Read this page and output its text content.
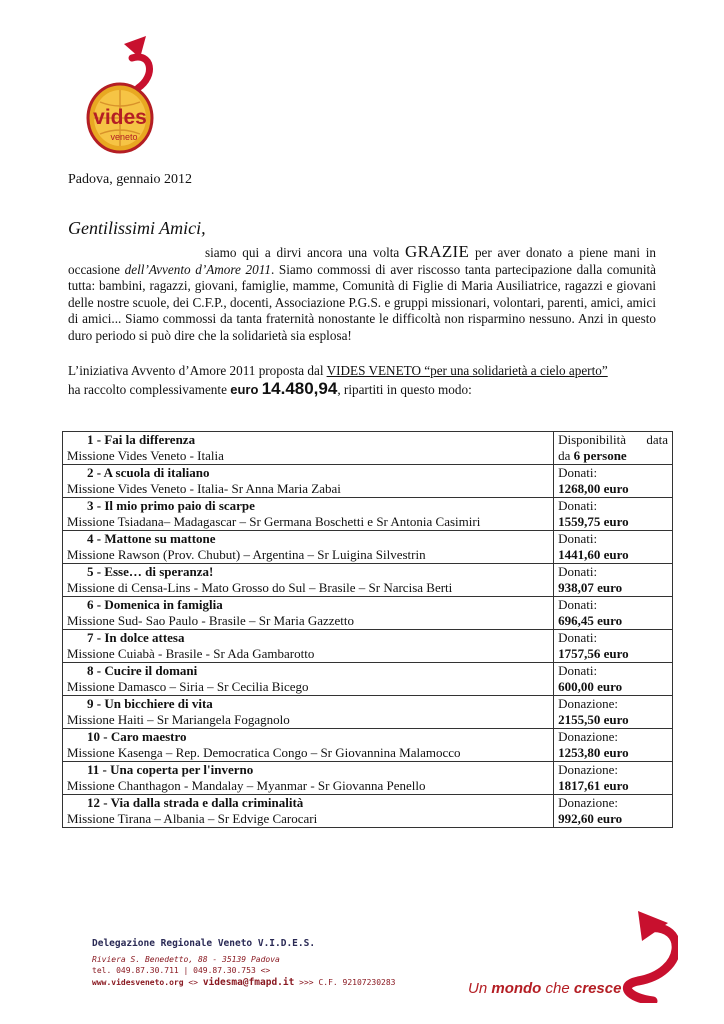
vides
veneto
Padova, gennaio 2012
Gentilissimi Amici,
siamo qui a dirvi ancora una volta GRAZIE per aver donato a piene mani in occasione dell’Avvento d’Amore 2011. Siamo commossi di aver riscosso tanta partecipazione dalla comunità tutta: bambini, ragazzi, giovani, famiglie, mamme, Comunità di Figlie di Maria Ausiliatrice, ragazzi e giovani delle nostre scuole, dei C.F.P., docenti, Associazione P.G.S. e gruppi missionari, volontari, parenti, amici, amici di amici... Siamo commossi da tanta fraternità nonostante le difficoltà non risparmino nessuno. Anzi in questo duro periodo si può dire che la solidarietà sia esplosa!
L’iniziativa Avvento d’Amore 2011 proposta dal VIDES VENETO “per una solidarietà a cielo aperto”
ha raccolto complessivamente euro 14.480,94, ripartiti in questo modo:
1 - Fai la differenza
Missione Vides Veneto - Italia	Disponibilità data
da 6 persone

2 - A scuola di italiano
Missione Vides Veneto - Italia- Sr Anna Maria Zabai	Donati:
1268,00 euro

3 - Il mio primo paio di scarpe
Missione Tsiadana– Madagascar – Sr Germana Boschetti e Sr Antonia Casimiri	Donati:
1559,75 euro

4 - Mattone su mattone
Missione Rawson (Prov. Chubut) – Argentina – Sr Luigina Silvestrin	Donati:
1441,60 euro

5 - Esse… di speranza!
Missione di Censa-Lins - Mato Grosso do Sul – Brasile – Sr Narcisa Berti	Donati:
938,07 euro

6 - Domenica in famiglia
Missione Sud- Sao Paulo - Brasile – Sr Maria Gazzetto	Donati:
696,45 euro

7 - In dolce attesa
Missione Cuiabà - Brasile - Sr Ada Gambarotto	Donati:
1757,56 euro

8 - Cucire il domani
Missione Damasco – Siria – Sr Cecilia Bicego	Donati:
600,00 euro

9 - Un bicchiere di vita
Missione Haiti – Sr Mariangela Fogagnolo	Donazione:
2155,50 euro

10 - Caro maestro
Missione Kasenga – Rep. Democratica Congo – Sr Giovannina Malamocco	Donazione:
1253,80 euro

11 - Una coperta per l'inverno
Missione Chanthagon - Mandalay – Myanmar - Sr Giovanna Penello	Donazione:
1817,61 euro

12 - Via dalla strada e dalla criminalità
Missione Tirana – Albania – Sr Edvige Carocari	Donazione:
992,60 euro
Delegazione Regionale Veneto V.I.D.E.S.
Riviera S. Benedetto, 88 - 35139 Padova
tel. 049.87.30.711 | 049.87.30.753 <>
www.videsveneto.org <> videsma@fmapd.it >>> C.F. 92107230283	Un mondo che cresce
